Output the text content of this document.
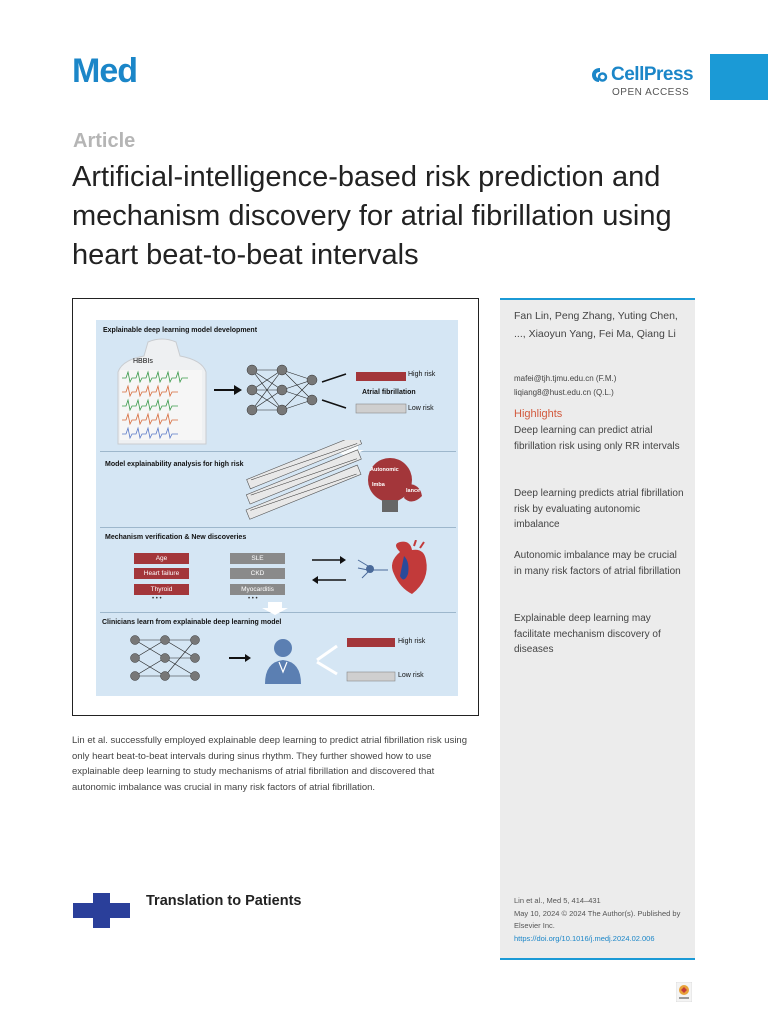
Med	CellPress
OPEN ACCESS
Article
Artificial-intelligence-based risk prediction and mechanism discovery for atrial fibrillation using heart beat-to-beat intervals
Explainable deep learning model development
HBBIs
High risk
Atrial fibrillation
Low risk
Model explainability analysis for high risk
Autonomic
Imba
lance
Mechanism verification & New discoveries
Age
Heart failure
Thyroid
• • •
SLE
CKD
Myocarditis
• • •
Clinicians learn from explainable deep learning model
High risk
Low risk
Fan Lin, Peng Zhang, Yuting Chen, ..., Xiaoyun Yang, Fei Ma, Qiang Li
mafei@tjh.tjmu.edu.cn (F.M.)
liqiang8@hust.edu.cn (Q.L.)
Highlights
Deep learning can predict atrial fibrillation risk using only RR intervals
Deep learning predicts atrial fibrillation risk by evaluating autonomic imbalance
Autonomic imbalance may be crucial in many risk factors of atrial fibrillation
Explainable deep learning may facilitate mechanism discovery of diseases
Lin et al. successfully employed explainable deep learning to predict atrial fibrillation risk using only heart beat-to-beat intervals during sinus rhythm. They further showed how to use explainable deep learning to study mechanisms of atrial fibrillation and discovered that autonomic imbalance was crucial in many risk factors of atrial fibrillation.
Translation to Patients	Lin et al., Med 5, 414–431
May 10, 2024 © 2024 The Author(s). Published by Elsevier Inc.
https://doi.org/10.1016/j.medj.2024.02.006
